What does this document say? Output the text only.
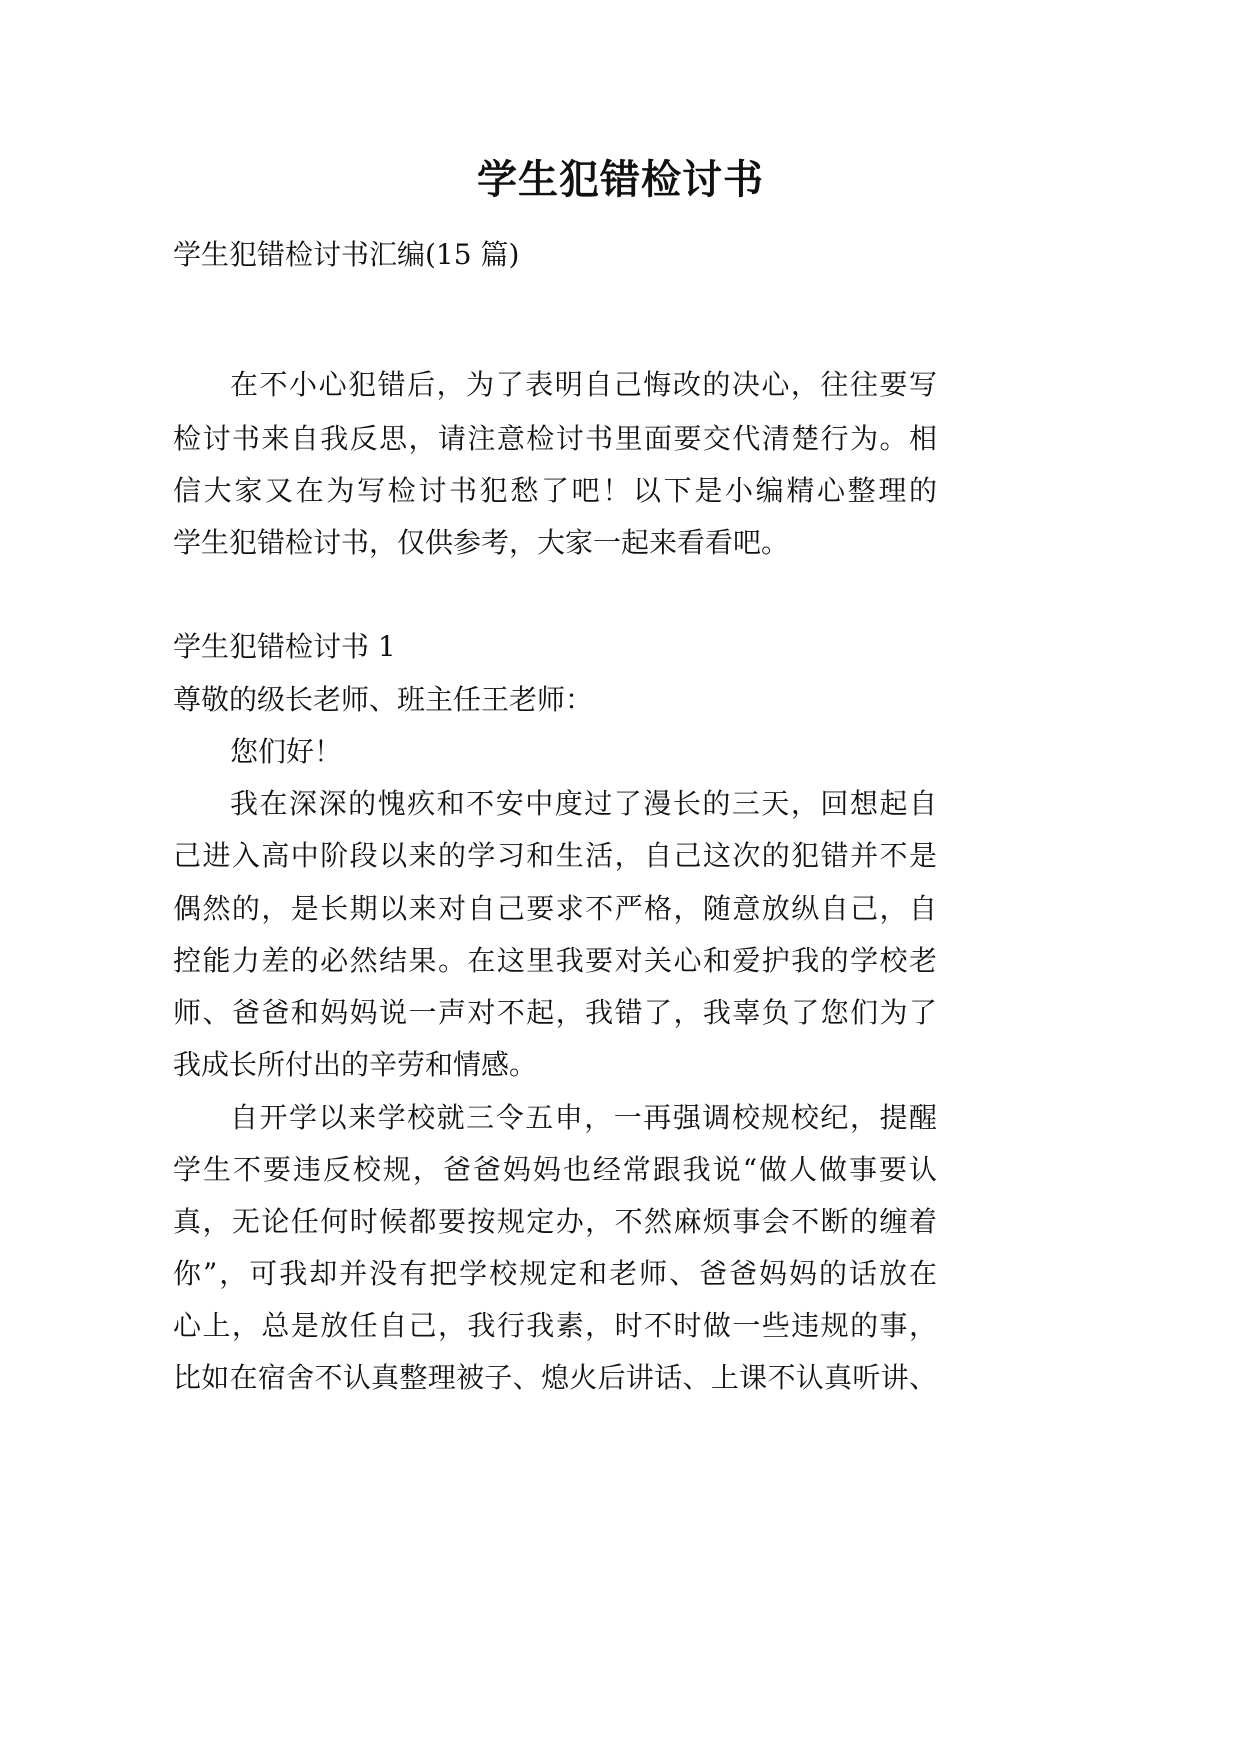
学生犯错检讨书

学生犯错检讨书汇编(15 篇)

在不小心犯错后，为了表明自己悔改的决心，往往要写

检讨书来自我反思，请注意检讨书里面要交代清楚行为。相

信大家又在为写检讨书犯愁了吧！以下是小编精心整理的

学生犯错检讨书，仅供参考，大家一起来看看吧。

学生犯错检讨书 1

尊敬的级长老师、班主任王老师：

您们好！

我在深深的愧疚和不安中度过了漫长的三天，回想起自

己进入高中阶段以来的学习和生活，自己这次的犯错并不是

偶然的，是长期以来对自己要求不严格，随意放纵自己，自

控能力差的必然结果。在这里我要对关心和爱护我的学校老

师、爸爸和妈妈说一声对不起，我错了，我辜负了您们为了

我成长所付出的辛劳和情感。

自开学以来学校就三令五申，一再强调校规校纪，提醒

学生不要违反校规，爸爸妈妈也经常跟我说“做人做事要认

真，无论任何时候都要按规定办，不然麻烦事会不断的缠着

你”，可我却并没有把学校规定和老师、爸爸妈妈的话放在

心上，总是放任自己，我行我素，时不时做一些违规的事，

比如在宿舍不认真整理被子、熄火后讲话、上课不认真听讲、
